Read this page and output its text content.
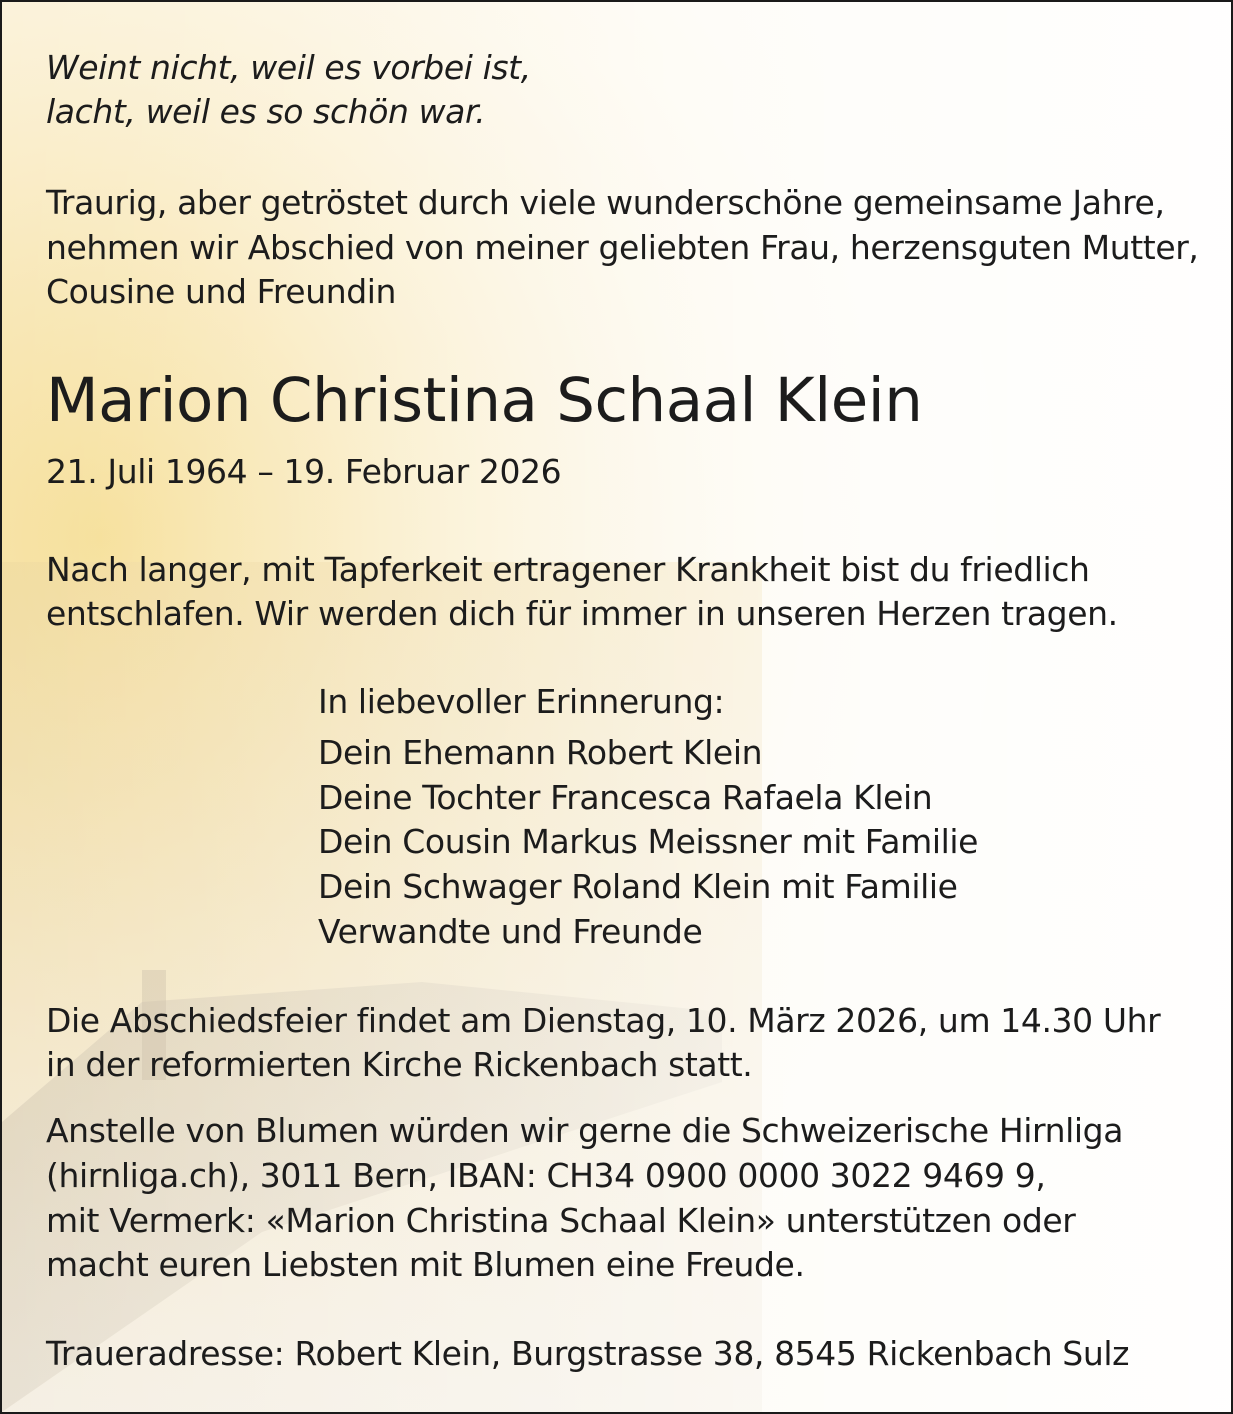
Weint nicht, weil es vorbei ist,

lacht, weil es so schön war.

Traurig, aber getröstet durch viele wunderschöne gemeinsame Jahre,

nehmen wir Abschied von meiner geliebten Frau, herzensguten Mutter,

Cousine und Freundin

Marion Christina Schaal Klein

21. Juli 1964 – 19. Februar 2026

Nach langer, mit Tapferkeit ertragener Krankheit bist du friedlich

entschlafen. Wir werden dich für immer in unseren Herzen tragen.

In liebevoller Erinnerung:

Dein Ehemann Robert Klein

Deine Tochter Francesca Rafaela Klein

Dein Cousin Markus Meissner mit Familie

Dein Schwager Roland Klein mit Familie

Verwandte und Freunde

Die Abschiedsfeier findet am Dienstag, 10. März 2026, um 14.30 Uhr

in der reformierten Kirche Rickenbach statt.

Anstelle von Blumen würden wir gerne die Schweizerische Hirnliga

(hirnliga.ch), 3011 Bern, IBAN: CH34 0900 0000 3022 9469 9,

mit Vermerk: «Marion Christina Schaal Klein» unterstützen oder

macht euren Liebsten mit Blumen eine Freude.

Traueradresse: Robert Klein, Burgstrasse 38, 8545 Rickenbach Sulz
